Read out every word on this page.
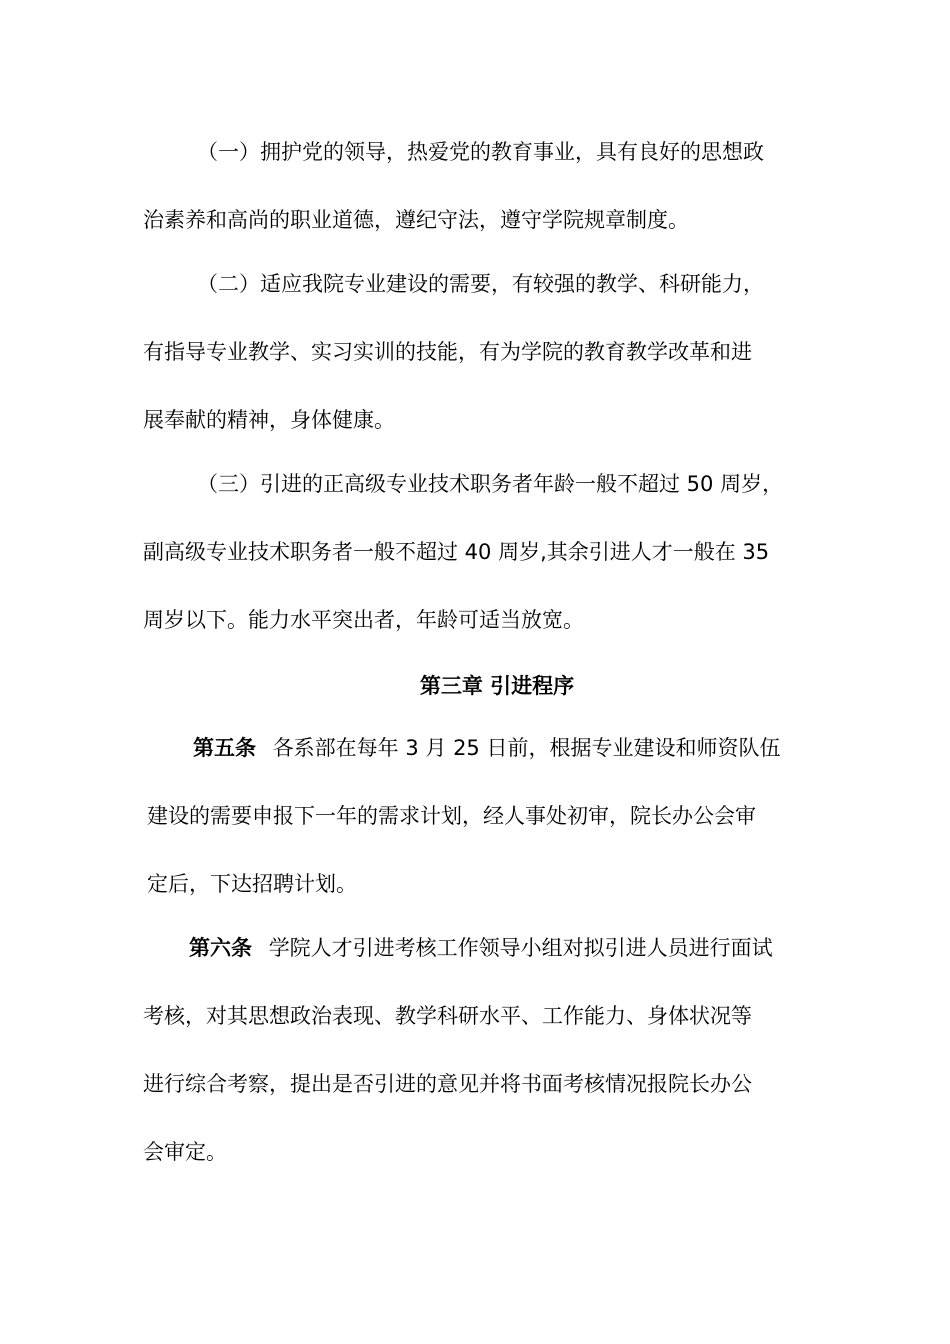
（一）拥护党的领导，热爱党的教育事业，具有良好的思想政

治素养和高尚的职业道德，遵纪守法，遵守学院规章制度。

（二）适应我院专业建设的需要，有较强的教学、科研能力，

有指导专业教学、实习实训的技能，有为学院的教育教学改革和进

展奉献的精神，身体健康。

（三）引进的正高级专业技术职务者年龄一般不超过 50 周岁，

副高级专业技术职务者一般不超过 40 周岁,其余引进人才一般在 35

周岁以下。能力水平突出者，年龄可适当放宽。

第三章 引进程序

第五条 各系部在每年 3 月 25 日前，根据专业建设和师资队伍

建设的需要申报下一年的需求计划，经人事处初审，院长办公会审

定后，下达招聘计划。

第六条 学院人才引进考核工作领导小组对拟引进人员进行面试

考核，对其思想政治表现、教学科研水平、工作能力、身体状况等

进行综合考察，提出是否引进的意见并将书面考核情况报院长办公

会审定。
